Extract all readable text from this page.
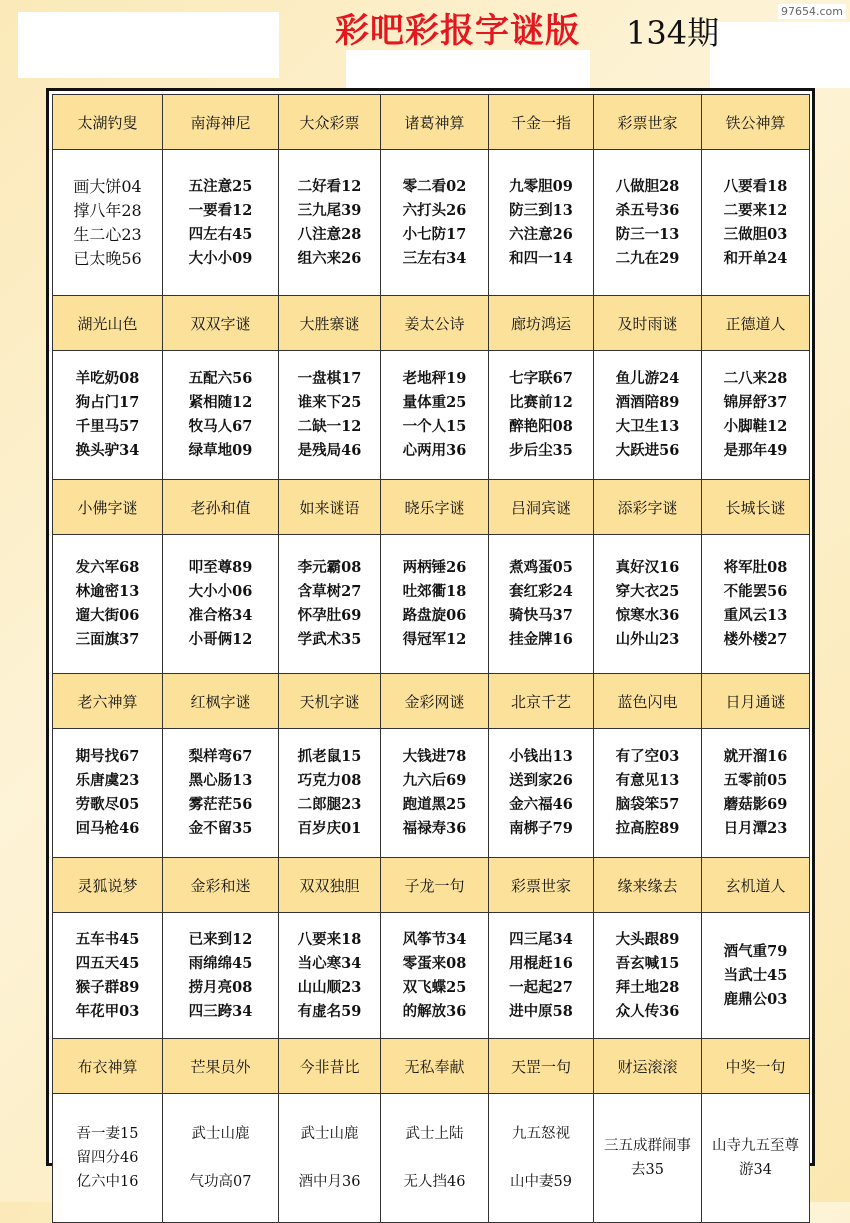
彩吧彩报字谜版	134期
97654.com
太湖钓叟	南海神尼	大众彩票	诸葛神算	千金一指	彩票世家	铁公神算

画大饼04
撑八年28
生二心23
已太晚56	五注意25
一要看12
四左右45
大小小09	二好看12
三九尾39
八注意28
组六来26	零二看02
六打头26
小七防17
三左右34	九零胆09
防三到13
六注意26
和四一14	八做胆28
杀五号36
防三一13
二九在29	八要看18
二要来12
三做胆03
和开单24

湖光山色	双双字谜	大胜寨谜	姜太公诗	廊坊鸿运	及时雨谜	正德道人

羊吃奶08
狗占门17
千里马57
换头驴34	五配六56
紧相随12
牧马人67
绿草地09	一盘棋17
谁来下25
二缺一12
是残局46	老地秤19
量体重25
一个人15
心两用36	七字联67
比赛前12
醉艳阳08
步后尘35	鱼儿游24
酒酒陪89
大卫生13
大跃进56	二八来28
锦屏舒37
小脚鞋12
是那年49

小佛字谜	老孙和值	如来谜语	晓乐字谜	吕洞宾谜	添彩字谜	长城长谜

发六军68
林逾密13
遛大街06
三面旗37	叩至尊89
大小小06
准合格34
小哥俩12	李元霸08
含草树27
怀孕肚69
学武术35	两柄锤26
吐郊衢18
路盘旋06
得冠军12	煮鸡蛋05
套红彩24
骑快马37
挂金牌16	真好汉16
穿大衣25
惊寒水36
山外山23	将军肚08
不能罢56
重风云13
楼外楼27

老六神算	红枫字谜	天机字谜	金彩网谜	北京千艺	蓝色闪电	日月通谜

期号找67
乐唐虞23
劳歌尽05
回马枪46	梨样弯67
黑心肠13
雾茫茫56
金不留35	抓老鼠15
巧克力08
二郎腿23
百岁庆01	大钱进78
九六后69
跑道黑25
福禄寿36	小钱出13
送到家26
金六福46
南梆子79	有了空03
有意见13
脑袋笨57
拉高腔89	就开溜16
五零前05
蘑菇影69
日月潭23

灵狐说梦	金彩和迷	双双独胆	子龙一句	彩票世家	缘来缘去	玄机道人

五车书45
四五天45
猴子群89
年花甲03	已来到12
雨绵绵45
捞月亮08
四三跨34	八要来18
当心寒34
山山顺23
有虚名59	风筝节34
零蛋来08
双飞蝶25
的解放36	四三尾34
用棍赶16
一起起27
进中原58	大头跟89
吾玄喊15
拜土地28
众人传36	酒气重79
当武士45
鹿鼎公03

布衣神算	芒果员外	今非昔比	无私奉献	天罡一句	财运滚滚	中奖一句

吾一妻15
留四分46
亿六中16	武士山鹿
气功高07	武士山鹿
酒中月36	武士上陆
无人挡46	九五怒视
山中妻59	三五成群闹事去35	山寺九五至尊游34
